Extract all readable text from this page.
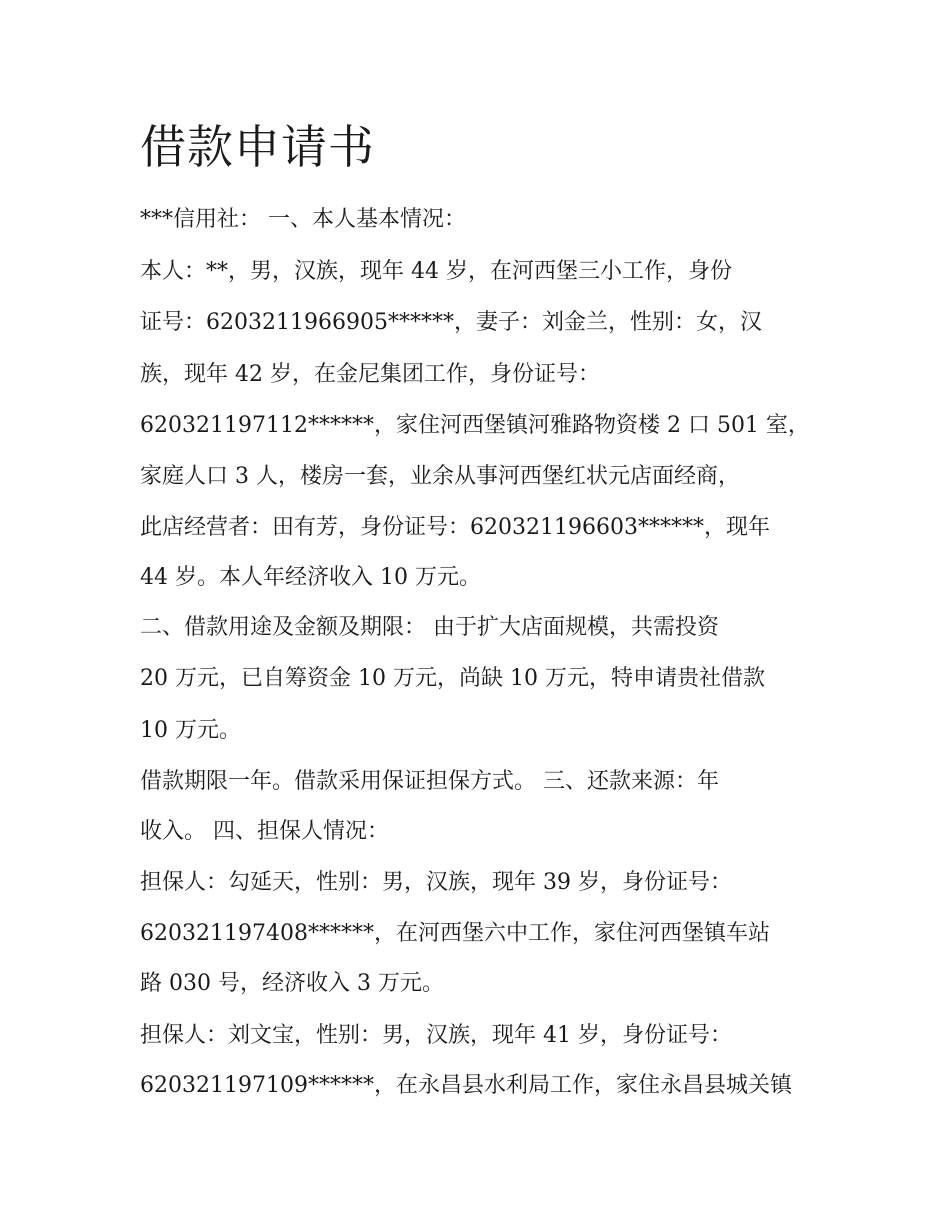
借款申请书

***信用社： 一、本人基本情况：

本人：**，男，汉族，现年 44 岁，在河西堡三小工作，身份

证号：6203211966905******，妻子：刘金兰，性别：女，汉

族，现年 42 岁，在金尼集团工作，身份证号：

620321197112******，家住河西堡镇河雅路物资楼 2 口 501 室，

家庭人口 3 人，楼房一套，业余从事河西堡红状元店面经商，

此店经营者：田有芳，身份证号：620321196603******，现年

44 岁。本人年经济收入 10 万元。

二、借款用途及金额及期限： 由于扩大店面规模，共需投资

20 万元，已自筹资金 10 万元，尚缺 10 万元，特申请贵社借款

10 万元。

借款期限一年。借款采用保证担保方式。 三、还款来源：年

收入。 四、担保人情况：

担保人：勾延天，性别：男，汉族，现年 39 岁，身份证号：

620321197408******，在河西堡六中工作，家住河西堡镇车站

路 030 号，经济收入 3 万元。

担保人：刘文宝，性别：男，汉族，现年 41 岁，身份证号：

620321197109******，在永昌县水利局工作，家住永昌县城关镇
